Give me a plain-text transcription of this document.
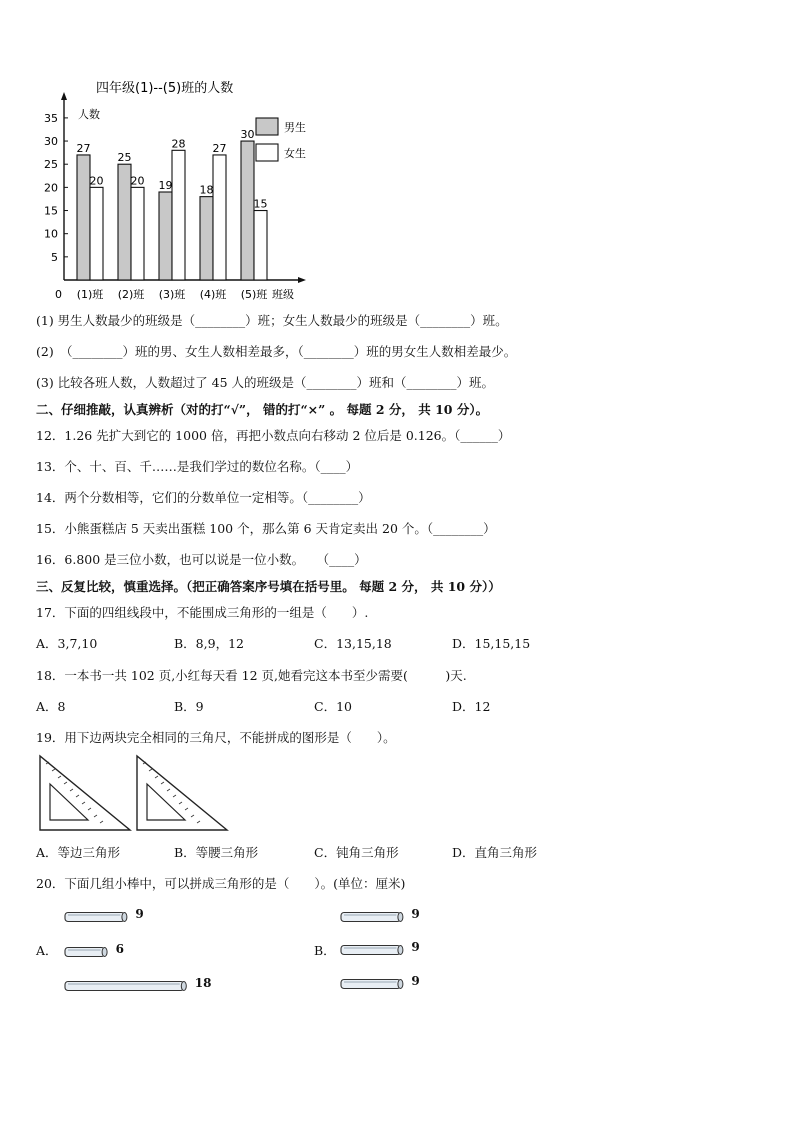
四年级(1)--(5)班的人数
人数
班级
0
5
10
15
20
25
30
35
27
20
(1)班
25
20
(2)班
19
28
(3)班
18
27
(4)班
30
15
(5)班
男生
女生
(1) 男生人数最少的班级是（________）班；女生人数最少的班级是（________）班。
(2)　（________）班的男、女生人数相差最多，（________）班的男女生人数相差最少。
(3) 比较各班人数，人数超过了 45 人的班级是（________）班和（________）班。
二、仔细推敲，认真辨析（对的打“√”， 错的打“×” 。 每题 2 分， 共 10 分）。
12．1.26 先扩大到它的 1000 倍，再把小数点向右移动 2 位后是 0.126。（______）
13．个、十、百、千……是我们学过的数位名称。（____）
14．两个分数相等，它们的分数单位一定相等。（________）
15．小熊蛋糕店 5 天卖出蛋糕 100 个，那么第 6 天肯定卖出 20 个。（________）
16．6.800 是三位小数，也可以说是一位小数。　　（____）
三、反复比较，慎重选择。（把正确答案序号填在括号里。 每题 2 分， 共 10 分））
17．下面的四组线段中，不能围成三角形的一组是（　　）.
A．3,7,10	B．8,9，12	C．13,15,18	D．15,15,15
18．一本书一共 102 页,小红每天看 12 页,她看完这本书至少需要(　　　)天.
A．8	B．9	C．10	D．12
19．用下边两块完全相同的三角尺，不能拼成的图形是（　　）。
A．等边三角形	B．等腰三角形	C．钝角三角形	D．直角三角形
20．下面几组小棒中，可以拼成三角形的是（　　）。(单位：厘米)
A．	B．
9
6
18
9
9
9
